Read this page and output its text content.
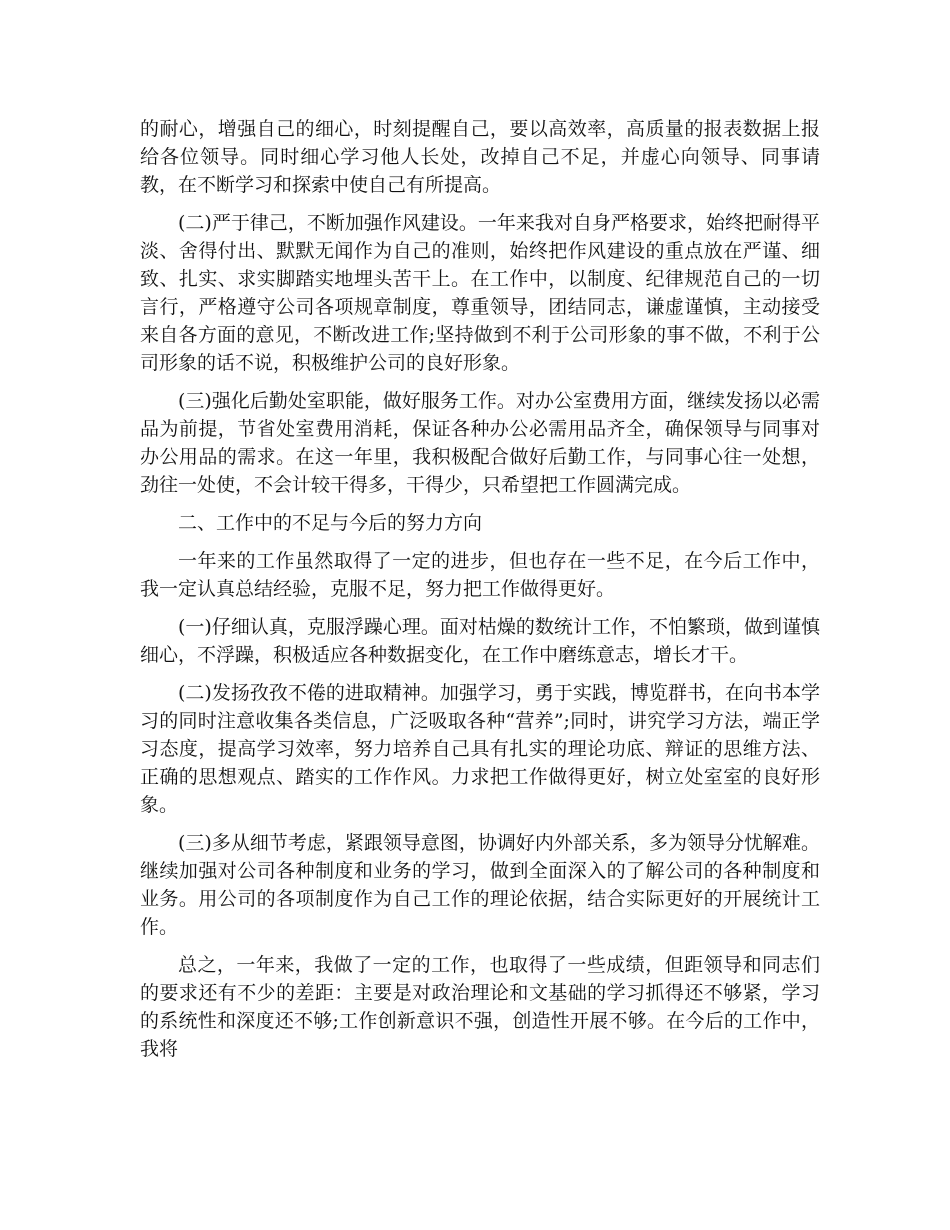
的耐心，增强自己的细心，时刻提醒自己，要以高效率，高质量的报表数据上报给各位领导。同时细心学习他人长处，改掉自己不足，并虚心向领导、同事请教，在不断学习和探索中使自己有所提高。

(二)严于律己，不断加强作风建设。一年来我对自身严格要求，始终把耐得平淡、舍得付出、默默无闻作为自己的准则，始终把作风建设的重点放在严谨、细致、扎实、求实脚踏实地埋头苦干上。在工作中，以制度、纪律规范自己的一切言行，严格遵守公司各项规章制度，尊重领导，团结同志，谦虚谨慎，主动接受来自各方面的意见，不断改进工作;坚持做到不利于公司形象的事不做，不利于公司形象的话不说，积极维护公司的良好形象。

(三)强化后勤处室职能，做好服务工作。对办公室费用方面，继续发扬以必需品为前提，节省处室费用消耗，保证各种办公必需用品齐全，确保领导与同事对办公用品的需求。在这一年里，我积极配合做好后勤工作，与同事心往一处想，劲往一处使，不会计较干得多，干得少，只希望把工作圆满完成。

二、工作中的不足与今后的努力方向

一年来的工作虽然取得了一定的进步，但也存在一些不足，在今后工作中，我一定认真总结经验，克服不足，努力把工作做得更好。

(一)仔细认真，克服浮躁心理。面对枯燥的数统计工作，不怕繁琐，做到谨慎细心，不浮躁，积极适应各种数据变化，在工作中磨练意志，增长才干。

(二)发扬孜孜不倦的进取精神。加强学习，勇于实践，博览群书，在向书本学习的同时注意收集各类信息，广泛吸取各种“营养”;同时，讲究学习方法，端正学习态度，提高学习效率，努力培养自己具有扎实的理论功底、辩证的思维方法、正确的思想观点、踏实的工作作风。力求把工作做得更好，树立处室室的良好形象。

(三)多从细节考虑，紧跟领导意图，协调好内外部关系，多为领导分忧解难。继续加强对公司各种制度和业务的学习，做到全面深入的了解公司的各种制度和业务。用公司的各项制度作为自己工作的理论依据，结合实际更好的开展统计工作。

总之，一年来，我做了一定的工作，也取得了一些成绩，但距领导和同志们的要求还有不少的差距：主要是对政治理论和文基础的学习抓得还不够紧，学习的系统性和深度还不够;工作创新意识不强，创造性开展不够。在今后的工作中，我将
